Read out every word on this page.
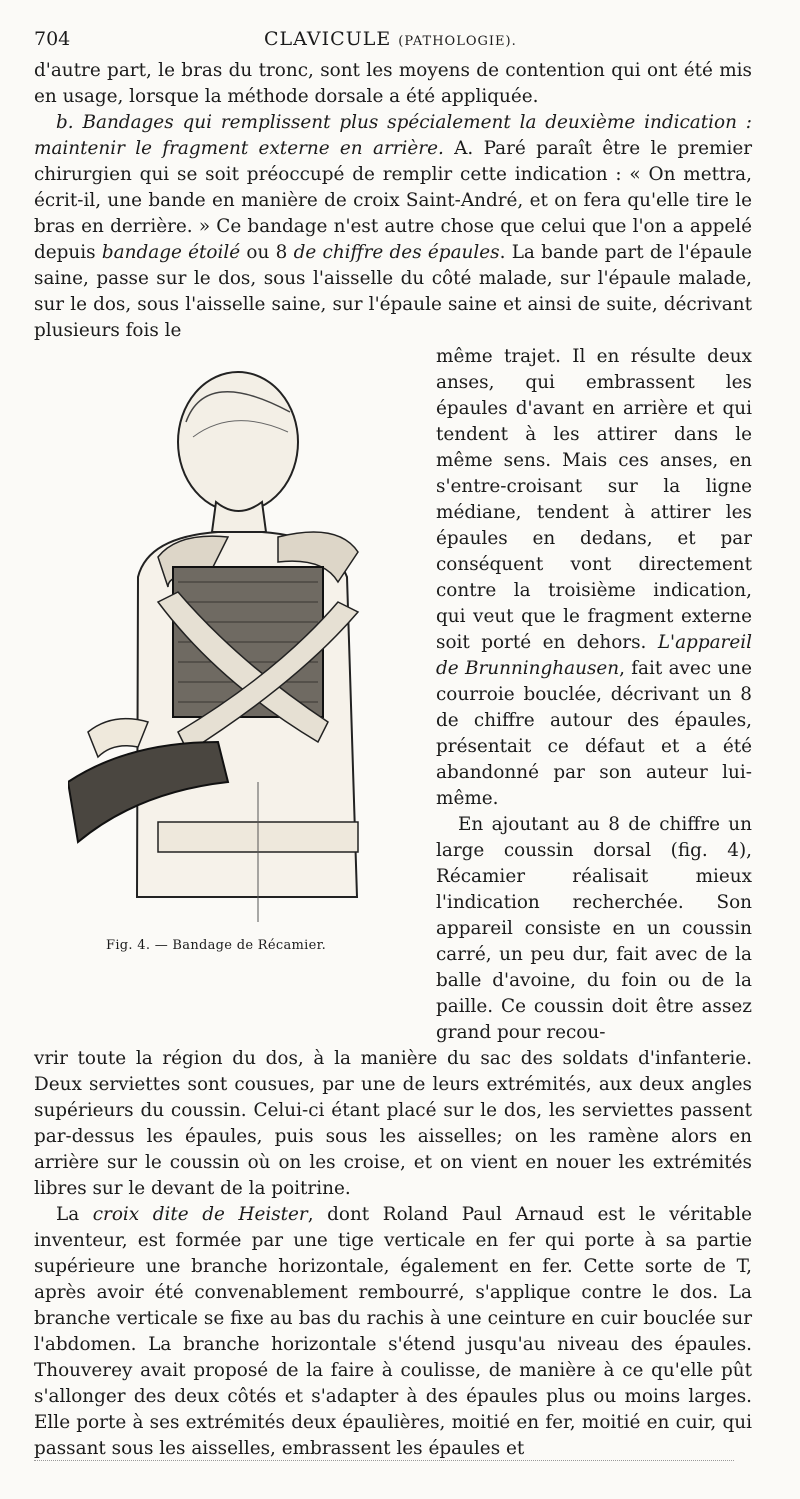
704	CLAVICULE (PATHOLOGIE).

d'autre part, le bras du tronc, sont les moyens de contention qui ont été mis en usage, lorsque la méthode dorsale a été appliquée.

b. Bandages qui remplissent plus spécialement la deuxième indication : maintenir le fragment externe en arrière. A. Paré paraît être le premier chirurgien qui se soit préoccupé de remplir cette indication : « On mettra, écrit-il, une bande en manière de croix Saint-André, et on fera qu'elle tire le bras en derrière. » Ce bandage n'est autre chose que celui que l'on a appelé depuis bandage étoilé ou 8 de chiffre des épaules. La bande part de l'épaule saine, passe sur le dos, sous l'aisselle du côté malade, sur l'épaule malade, sur le dos, sous l'aisselle saine, sur l'épaule saine et ainsi de suite, décrivant plusieurs fois le

Fig. 4. — Bandage de Récamier.

même trajet. Il en résulte deux anses, qui embrassent les épaules d'avant en arrière et qui tendent à les attirer dans le même sens. Mais ces anses, en s'entre-croisant sur la ligne médiane, tendent à attirer les épaules en dedans, et par conséquent vont directement contre la troisième indication, qui veut que le fragment externe soit porté en dehors. L'appareil de Brunninghausen, fait avec une courroie bouclée, décrivant un 8 de chiffre autour des épaules, présentait ce défaut et a été abandonné par son auteur lui-même.

En ajoutant au 8 de chiffre un large coussin dorsal (fig. 4), Récamier réalisait mieux l'indication recherchée. Son appareil consiste en un coussin carré, un peu dur, fait avec de la balle d'avoine, du foin ou de la paille. Ce coussin doit être assez grand pour recou-

vrir toute la région du dos, à la manière du sac des soldats d'infanterie. Deux serviettes sont cousues, par une de leurs extrémités, aux deux angles supérieurs du coussin. Celui-ci étant placé sur le dos, les serviettes passent par-dessus les épaules, puis sous les aisselles; on les ramène alors en arrière sur le coussin où on les croise, et on vient en nouer les extrémités libres sur le devant de la poitrine.

La croix dite de Heister, dont Roland Paul Arnaud est le véritable inventeur, est formée par une tige verticale en fer qui porte à sa partie supérieure une branche horizontale, également en fer. Cette sorte de T, après avoir été convenablement rembourré, s'applique contre le dos. La branche verticale se fixe au bas du rachis à une ceinture en cuir bouclée sur l'abdomen. La branche horizontale s'étend jusqu'au niveau des épaules. Thouverey avait proposé de la faire à coulisse, de manière à ce qu'elle pût s'allonger des deux côtés et s'adapter à des épaules plus ou moins larges. Elle porte à ses extrémités deux épaulières, moitié en fer, moitié en cuir, qui passant sous les aisselles, embrassent les épaules et
